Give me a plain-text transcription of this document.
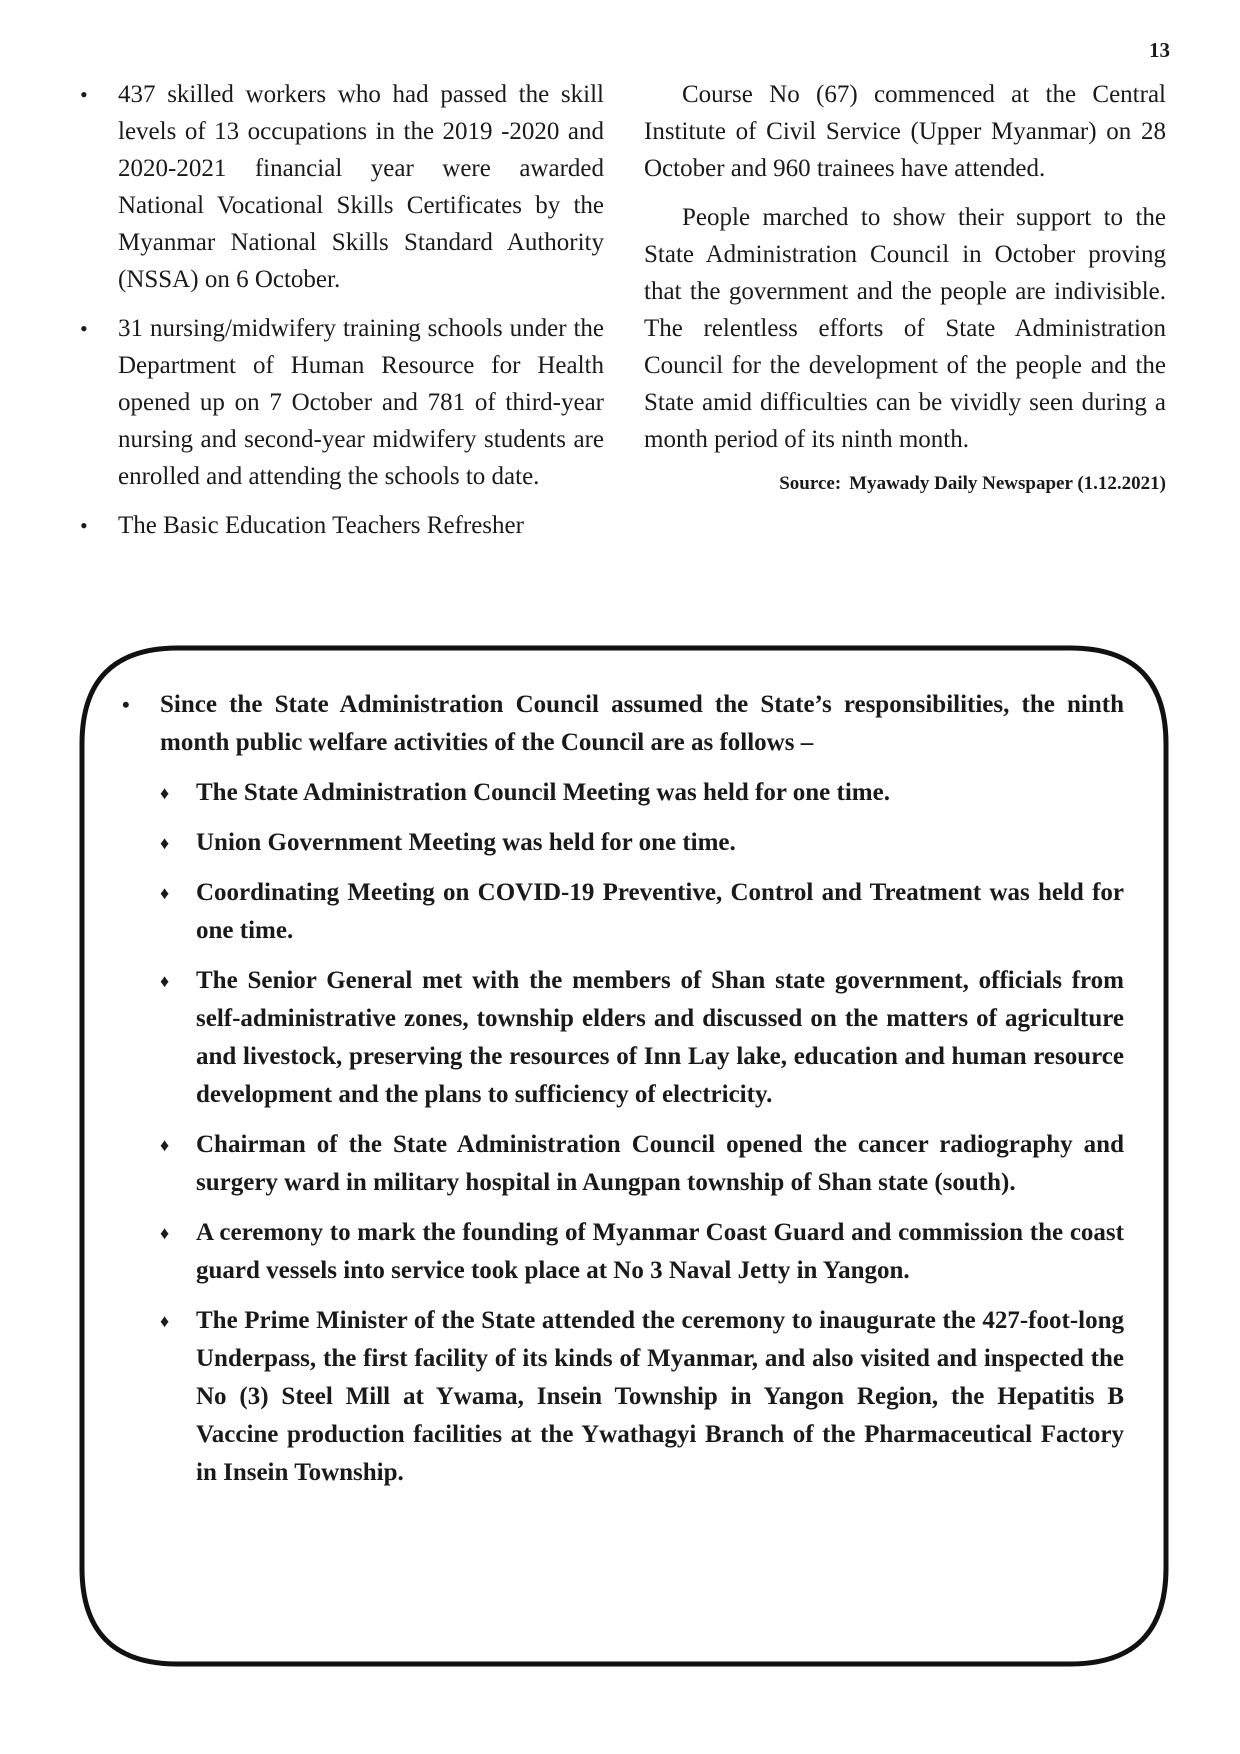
13
• 437 skilled workers who had passed the skill levels of 13 occupations in the 2019 -2020 and 2020-2021 financial year were awarded National Vocational Skills Certificates by the Myanmar National Skills Standard Authority (NSSA) on 6 October.
• 31 nursing/midwifery training schools under the Department of Human Resource for Health opened up on 7 October and 781 of third-year nursing and second-year midwifery students are enrolled and attending the schools to date.
• The Basic Education Teachers Refresher

Course No (67) commenced at the Central Institute of Civil Service (Upper Myanmar) on 28 October and 960 trainees have attended.

People marched to show their support to the State Administration Council in October proving that the government and the people are indivisible. The relentless efforts of State Administration Council for the development of the people and the State amid difficulties can be vividly seen during a month period of its ninth month.

Source: Myawady Daily Newspaper (1.12.2021)
• Since the State Administration Council assumed the State’s responsibilities, the ninth month public welfare activities of the Council are as follows –
♦ The State Administration Council Meeting was held for one time.
♦ Union Government Meeting was held for one time.
♦ Coordinating Meeting on COVID-19 Preventive, Control and Treatment was held for one time.
♦ The Senior General met with the members of Shan state government, officials from self-administrative zones, township elders and discussed on the matters of agriculture and livestock, preserving the resources of Inn Lay lake, education and human resource development and the plans to sufficiency of electricity.
♦ Chairman of the State Administration Council opened the cancer radiography and surgery ward in military hospital in Aungpan township of Shan state (south).
♦ A ceremony to mark the founding of Myanmar Coast Guard and commission the coast guard vessels into service took place at No 3 Naval Jetty in Yangon.
♦ The Prime Minister of the State attended the ceremony to inaugurate the 427-foot-long Underpass, the first facility of its kinds of Myanmar, and also visited and inspected the No (3) Steel Mill at Ywama, Insein Township in Yangon Region, the Hepatitis B Vaccine production facilities at the Ywathagyi Branch of the Pharmaceutical Factory in Insein Township.
